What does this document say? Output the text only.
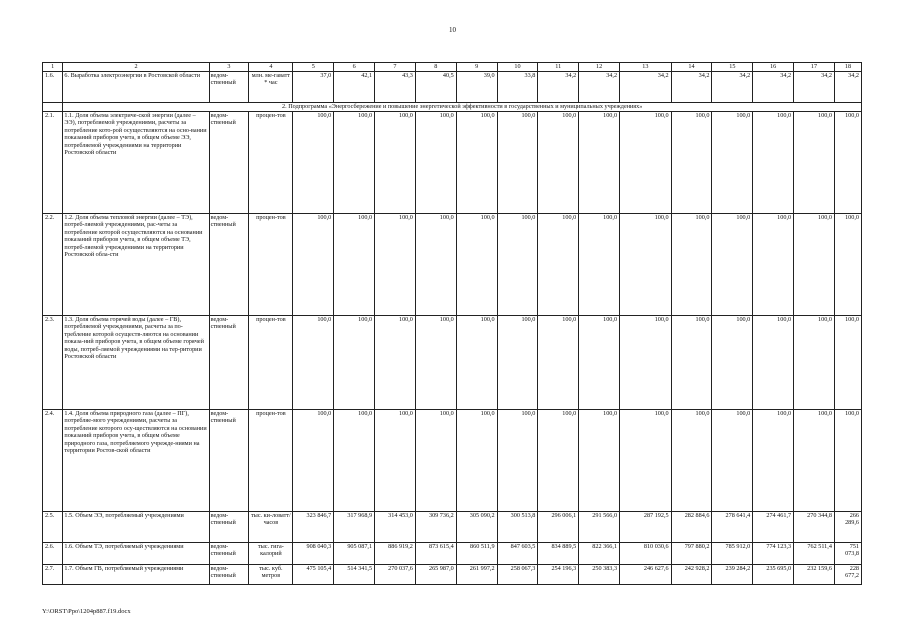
10
1	2	3	4	5	6	7	8	9	10	11	12	13	14	15	16	17	18
1.6.	6. Выработка электроэнергии в Ростовской области	ведом-ственный	млн. ме-гаватт * час	37,0	42,1	43,3	40,5	39,0	33,8	34,2	34,2	34,2	34,2	34,2	34,2	34,2	34,2
	2. Подпрограмма «Энергосбережение и повышение энергетической эффективности в государственных и муниципальных учреждениях»																
2.1.	1.1. Доля объема электриче-ской энергии (далее – ЭЭ), потребляемой учреждениями, расчеты за потребление кото-рой осуществляются на осно-вании показаний приборов учета, в общем объеме ЭЭ, потребляемой учреждениями на территории Ростовской области	ведом-ственный	процен-тов	100,0	100,0	100,0	100,0	100,0	100,0	100,0	100,0	100,0	100,0	100,0	100,0	100,0	100,0
2.2.	1.2. Доля объема тепловой энергии (далее – ТЭ), потреб-ляемой учреждениями, рас-четы за потребление которой осуществляются на основании показаний приборов учета, в общем объеме ТЭ, потреб-ляемой учреждениями на территории Ростовской обла-сти	ведом-ственный	процен-тов	100,0	100,0	100,0	100,0	100,0	100,0	100,0	100,0	100,0	100,0	100,0	100,0	100,0	100,0
2.3.	1.3. Доля объема горячей воды (далее – ГВ), потребляемой учреждениями, расчеты за по-требление которой осуществ-ляются на основании показа-ний приборов учета, в общем объеме горячей воды, потреб-ляемой учреждениями на тер-ритории Ростовской области	ведом-ственный	процен-тов	100,0	100,0	100,0	100,0	100,0	100,0	100,0	100,0	100,0	100,0	100,0	100,0	100,0	100,0
2.4.	1.4. Доля объема природного газа (далее – ПГ), потребляе-мого учреждениями, расчеты за потребление которого осу-ществляются на основании показаний приборов учета, в общем объеме природного газа, потребляемого учрежде-ниями на территории Ростов-ской области	ведом-ственный	процен-тов	100,0	100,0	100,0	100,0	100,0	100,0	100,0	100,0	100,0	100,0	100,0	100,0	100,0	100,0
2.5.	1.5. Объем ЭЭ, потребляемый учреждениями	ведом-ственный	тыс. ки-ловатт/ часов	323 846,7	317 968,9	314 453,0	309 736,2	305 090,2	300 513,8	296 006,1	291 566,0	287 192,5	282 884,6	278 641,4	274 461,7	270 344,8	266 289,6
2.6.	1.6. Объем ТЭ, потребляемый учреждениями	ведом-ственный	тыс. гига-калорий	908 040,3	905 087,1	886 919,2	873 615,4	860 511,9	847 603,5	834 889,5	822 366,1	810 030,6	797 880,2	785 912,0	774 123,3	762 511,4	751 073,8
2.7.	1.7. Объем ГВ, потребляемый учреждениями	ведом-ственный	тыс. куб. метров	475 105,4	514 341,5	270 037,6	265 987,0	261 997,2	258 067,3	254 196,3	250 383,3	246 627,6	242 928,2	239 284,2	235 695,0	232 159,6	228 677,2
Y:\ORST\Ppo\1204p887.f19.docx
